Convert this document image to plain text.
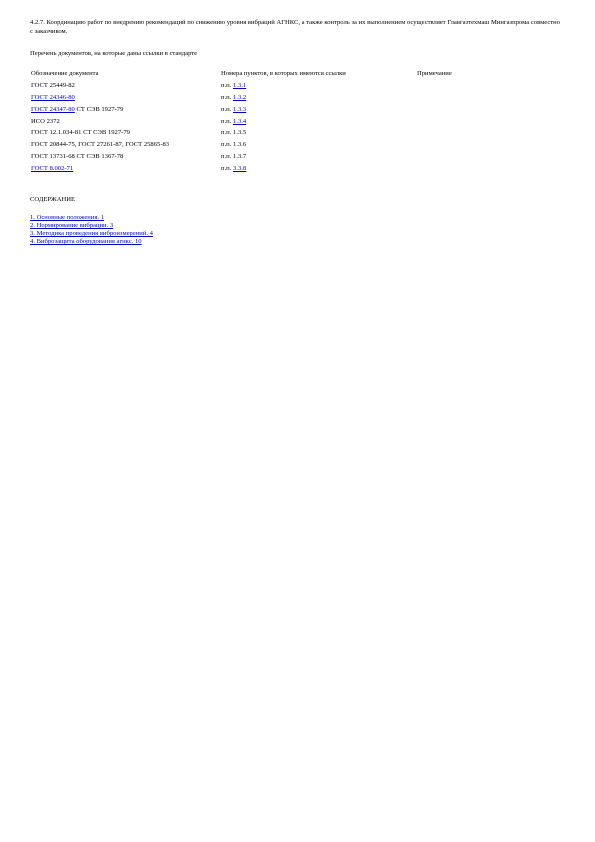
4.2.7. Координацию работ по внедрению рекомендаций по снижению уровня вибраций АГНКС, а также контроль за их выполнением осуществляет Главгазтехмаш Мингазпрома совместно с заказчиком.
Перечень документов, на которые даны ссылки в стандарте
Обозначение документа	Номера пунктов, в которых имеются ссылки	Примечание
ГОСТ 25449-82	п.п. 1.3.1	
ГОСТ 24346-80	п.п. 1.3.2	
ГОСТ 24347-80 СТ СЭВ 1927-79	п.п. 1.3.3	
ИСО 2372	п.п. 1.3.4	
ГОСТ 12.1.034-81 СТ СЭВ 1927-79	п.п. 1.3.5	
ГОСТ 20844-75, ГОСТ 27261-87, ГОСТ 25865-83	п.п. 1.3.6	
ГОСТ 13731-68 СТ СЭВ 1367-78	п.п. 1.3.7	
ГОСТ 8.002-71	п.п. 3.3.8	
СОДЕРЖАНИЕ
1. Основные положения. 1
2. Нормирование вибрации. 3
3. Методика проведения виброизмерений. 4
4. Виброзащита оборудования агнкс. 10
